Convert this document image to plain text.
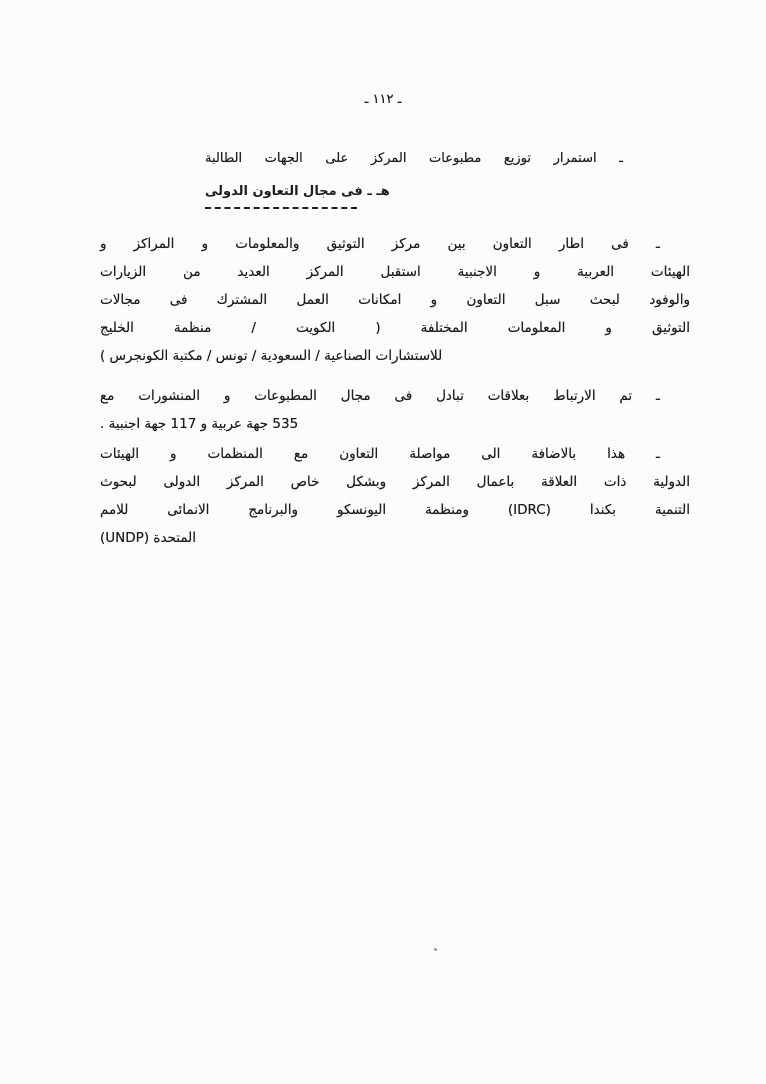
ـ ١١٢ ـ
ـ استمرار توزيع مطبوعات المركز على الجهات الطالبة
هـ ـ فى مجال التعاون الدولى
ـ فى اطار التعاون بين مركز التوثيق والمعلومات و المراكز و
الهيئات العربية و الاجنبية استقبل المركز العديد من الزيارات
والوفود لبحث سبل التعاون و امكانات العمل المشترك فى مجالات
التوثيق و المعلومات المختلفة ( الكويت / منظمة الخليج
للاستشارات الصناعية / السعودية / تونس / مكتبة الكونجرس )
ـ تم الارتباط بعلاقات تبادل فى مجال المطبوعات و المنشورات مع
535 جهة عربية و 117 جهة اجنبية .
ـ هذا بالاضافة الى مواصلة التعاون مع المنظمات و الهيئات
الدولية ذات العلاقة باعمال المركز وبشكل خاص المركز الدولى لبحوث
التنمية بكندا (IDRC) ومنظمة اليونسكو والبرنامج الانمائى للامم
المتحدة (UNDP)
